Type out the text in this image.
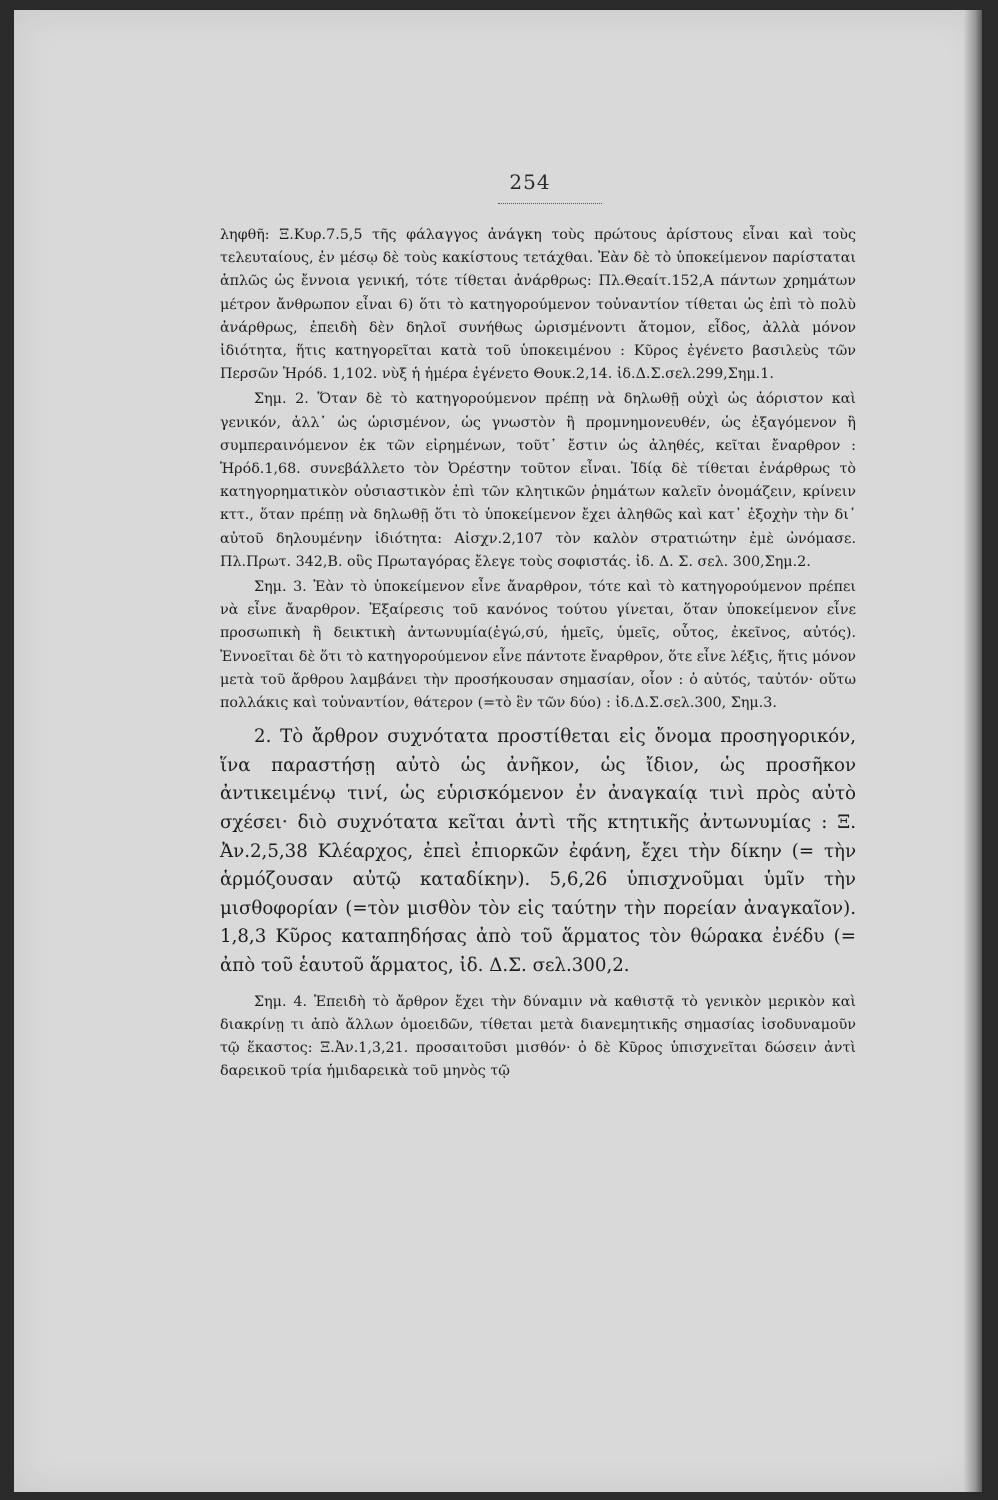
254

ληφθῆ: Ξ.Κυρ.7.5,5 τῆς φάλαγγος ἀνάγκη τοὺς πρώτους ἀρίστους εἶναι καὶ τοὺς τελευταίους, ἐν μέσῳ δὲ τοὺς κακίστους τετάχθαι. Ἐὰν δὲ τὸ ὑποκείμενον παρίσταται ἁπλῶς ὡς ἔννοια γενική, τότε τίθεται ἀνάρθρως: Πλ.Θεαίτ.152,Α πάντων χρημάτων μέτρον ἄνθρωπον εἶναι 6) ὅτι τὸ κατηγορούμενον τοὐναντίον τίθεται ὡς ἐπὶ τὸ πολὺ ἀνάρθρως, ἐπειδὴ δὲν δηλοῖ συνήθως ὡρισμένοντι ἄτομον, εἶδος, ἀλλὰ μόνον ἰδιότητα, ἥτις κατηγορεῖται κατὰ τοῦ ὑποκειμένου : Κῦρος ἐγένετο βασιλεὺς τῶν Περσῶν Ἡρόδ. 1,102. νὺξ ἡ ἡμέρα ἐγένετο Θουκ.2,14. ἰδ.Δ.Σ.σελ.299,Σημ.1.

Σημ. 2. Ὅταν δὲ τὸ κατηγορούμενον πρέπῃ νὰ δηλωθῇ οὐχὶ ὡς ἀόριστον καὶ γενικόν, ἀλλ᾽ ὡς ὡρισμένον, ὡς γνωστὸν ἢ προμνημονευθέν, ὡς ἐξαγόμενον ἢ συμπεραινόμενον ἐκ τῶν εἰρημένων, τοῦτ᾽ ἔστιν ὡς ἀληθές, κεῖται ἔναρθρον : Ἡρόδ.1,68. συνεβάλλετο τὸν Ὀρέστην τοῦτον εἶναι. Ἰδίᾳ δὲ τίθεται ἐνάρθρως τὸ κατηγορηματικὸν οὐσιαστικὸν ἐπὶ τῶν κλητικῶν ῥημάτων καλεῖν ὀνομάζειν, κρίνειν κττ., ὅταν πρέπῃ νὰ δηλωθῇ ὅτι τὸ ὑποκείμενον ἔχει ἀληθῶς καὶ κατ᾽ ἐξοχὴν τὴν δι᾽ αὐτοῦ δηλουμένην ἰδιότητα: Αἰσχν.2,107 τὸν καλὸν στρατιώτην ἐμὲ ὠνόμασε. Πλ.Πρωτ. 342,Β. οὓς Πρωταγόρας ἔλεγε τοὺς σοφιστάς. ἰδ. Δ. Σ. σελ. 300,Σημ.2.

Σημ. 3. Ἐὰν τὸ ὑποκείμενον εἶνε ἄναρθρον, τότε καὶ τὸ κατηγορούμενον πρέπει νὰ εἶνε ἄναρθρον. Ἐξαίρεσις τοῦ κανόνος τούτου γίνεται, ὅταν ὑποκείμενον εἶνε προσωπικὴ ἢ δεικτικὴ ἀντωνυμία(ἐγώ,σύ, ἡμεῖς, ὑμεῖς, οὗτος, ἐκεῖνος, αὐτός). Ἐννοεῖται δὲ ὅτι τὸ κατηγορούμενον εἶνε πάντοτε ἔναρθρον, ὅτε εἶνε λέξις, ἥτις μόνον μετὰ τοῦ ἄρθρου λαμβάνει τὴν προσήκουσαν σημασίαν, οἷον : ὁ αὐτός, ταὐτόν· οὕτω πολλάκις καὶ τοὐναντίον, θάτερον (=τὸ ἓν τῶν δύο) : ἰδ.Δ.Σ.σελ.300, Σημ.3.

2. Τὸ ἄρθρον συχνότατα προστίθεται εἰς ὄνομα προσηγορικόν, ἵνα παραστήσῃ αὐτὸ ὡς ἀνῆκον, ὡς ἴδιον, ὡς προσῆκον ἀντικειμένῳ τινί, ὡς εὑρισκόμενον ἐν ἀναγκαίᾳ τινὶ πρὸς αὐτὸ σχέσει· διὸ συχνότατα κεῖται ἀντὶ τῆς κτητικῆς ἀντωνυμίας : Ξ. Ἀν.2,5,38 Κλέαρχος, ἐπεὶ ἐπιορκῶν ἐφάνη, ἔχει τὴν δίκην (= τὴν ἁρμόζουσαν αὐτῷ καταδίκην). 5,6,26 ὑπισχνοῦμαι ὑμῖν τὴν μισθοφορίαν (=τὸν μισθὸν τὸν εἰς ταύτην τὴν πορείαν ἀναγκαῖον). 1,8,3 Κῦρος καταπηδήσας ἀπὸ τοῦ ἅρματος τὸν θώρακα ἐνέδυ (= ἀπὸ τοῦ ἑαυτοῦ ἅρματος, ἰδ. Δ.Σ. σελ.300,2.

Σημ. 4. Ἐπειδὴ τὸ ἄρθρον ἔχει τὴν δύναμιν νὰ καθιστᾷ τὸ γενικὸν μερικὸν καὶ διακρίνῃ τι ἀπὸ ἄλλων ὁμοειδῶν, τίθεται μετὰ διανεμητικῆς σημασίας ἰσοδυναμοῦν τῷ ἕκαστος: Ξ.Ἀν.1,3,21. προσαιτοῦσι μισθόν· ὁ δὲ Κῦρος ὑπισχνεῖται δώσειν ἀντὶ δαρεικοῦ τρία ἡμιδαρεικὰ τοῦ μηνὸς τῷ
